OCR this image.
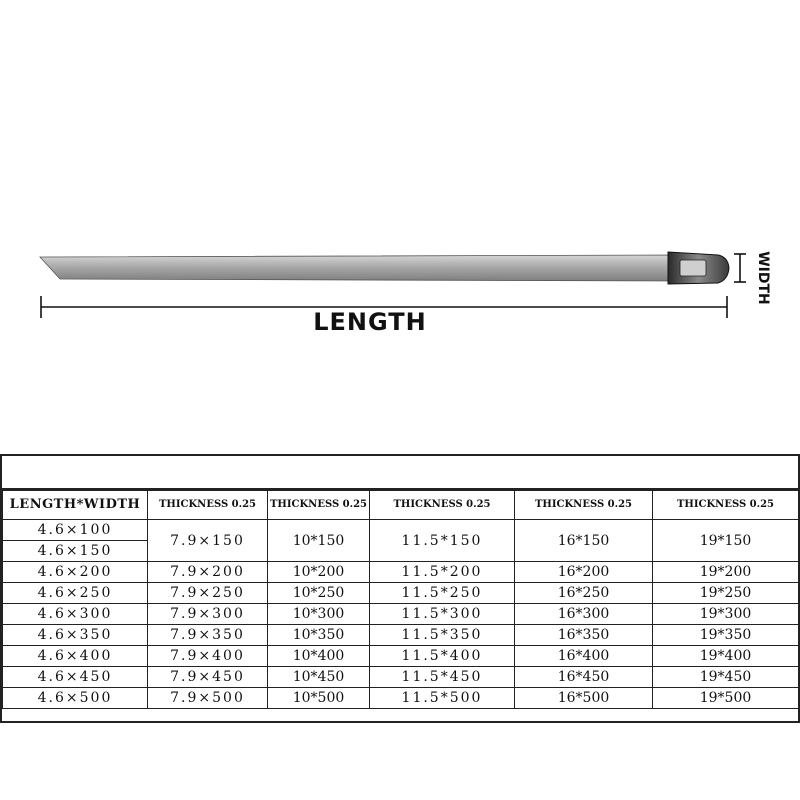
LENGTH
WIDTH
LENGTH*WIDTH	THICKNESS 0.25	THICKNESS 0.25	THICKNESS 0.25	THICKNESS 0.25	THICKNESS 0.25
4.6×100	7.9×150	10*150	11.5*150	16*150	19*150
4.6×150					
4.6×200	7.9×200	10*200	11.5*200	16*200	19*200
4.6×250	7.9×250	10*250	11.5*250	16*250	19*250
4.6×300	7.9×300	10*300	11.5*300	16*300	19*300
4.6×350	7.9×350	10*350	11.5*350	16*350	19*350
4.6×400	7.9×400	10*400	11.5*400	16*400	19*400
4.6×450	7.9×450	10*450	11.5*450	16*450	19*450
4.6×500	7.9×500	10*500	11.5*500	16*500	19*500
